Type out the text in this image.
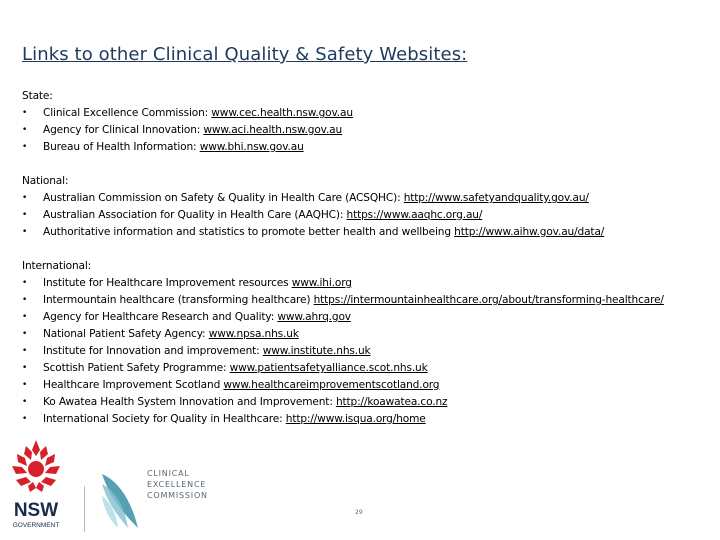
Links to other Clinical Quality & Safety Websites:
State:
• Clinical Excellence Commission: www.cec.health.nsw.gov.au
• Agency for Clinical Innovation: www.aci.health.nsw.gov.au
• Bureau of Health Information: www.bhi.nsw.gov.au
National:
• Australian Commission on Safety & Quality in Health Care (ACSQHC): http://www.safetyandquality.gov.au/
• Australian Association for Quality in Health Care (AAQHC): https://www.aaqhc.org.au/
• Authoritative information and statistics to promote better health and wellbeing http://www.aihw.gov.au/data/
International:
• Institute for Healthcare Improvement resources www.ihi.org
• Intermountain healthcare (transforming healthcare) https://intermountainhealthcare.org/about/transforming-healthcare/
• Agency for Healthcare Research and Quality: www.ahrq.gov
• National Patient Safety Agency: www.npsa.nhs.uk
• Institute for Innovation and improvement: www.institute.nhs.uk
• Scottish Patient Safety Programme: www.patientsafetyalliance.scot.nhs.uk
• Healthcare Improvement Scotland www.healthcareimprovementscotland.org
• Ko Awatea Health System Innovation and Improvement: http://koawatea.co.nz
• International Society for Quality in Healthcare: http://www.isqua.org/home
NSW
GOVERNMENT
CLINICAL
EXCELLENCE
COMMISSION
29
